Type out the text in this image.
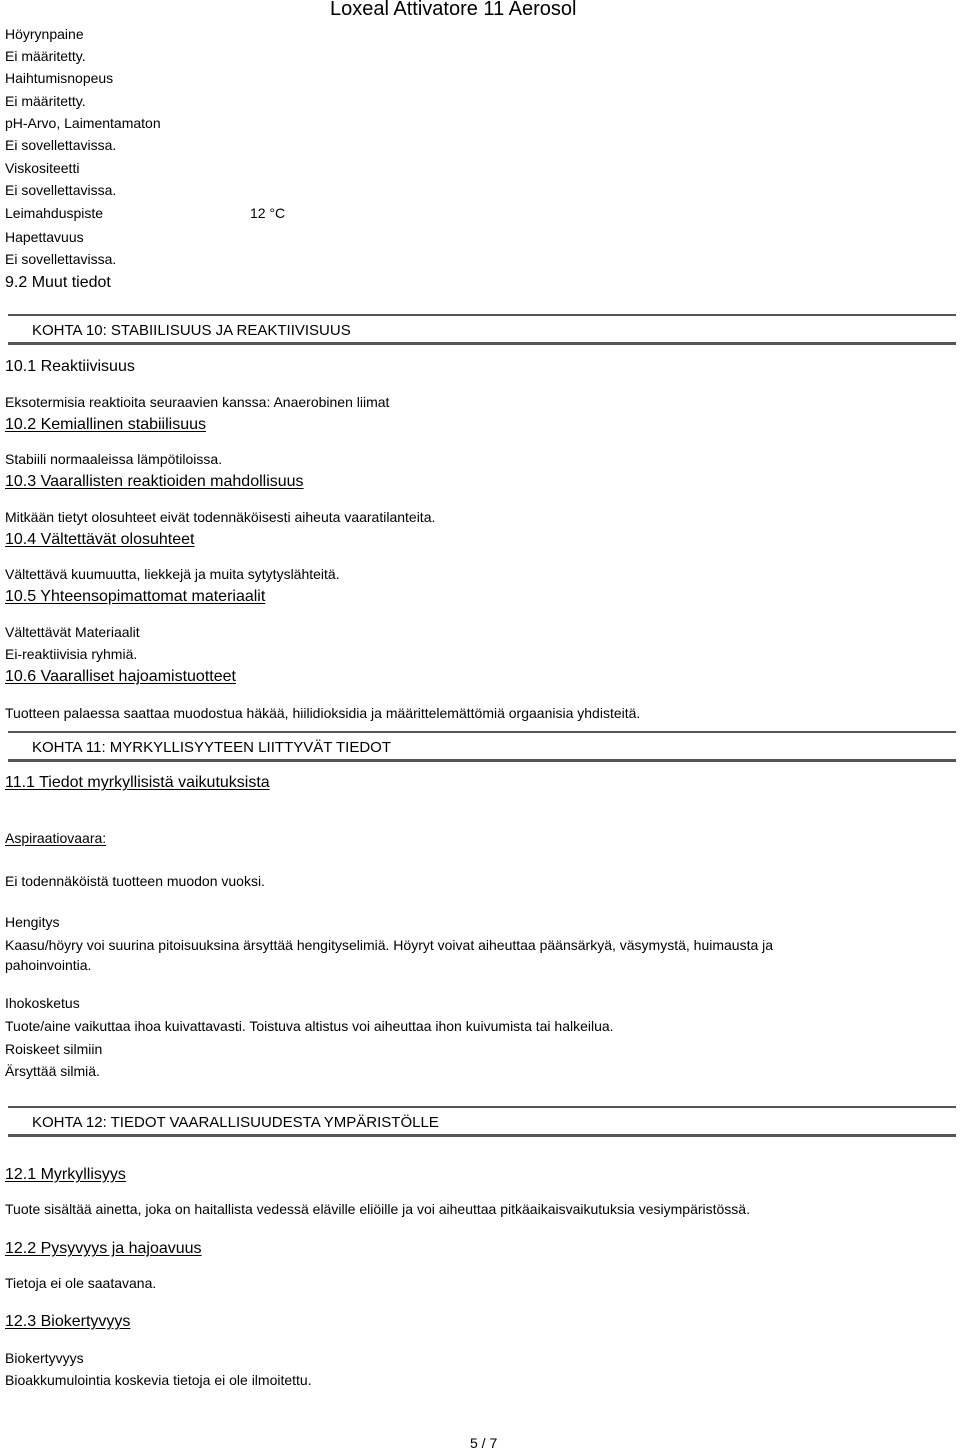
Loxeal Attivatore 11 Aerosol
Höyrynpaine
Ei määritetty.
Haihtumisnopeus
Ei määritetty.
pH-Arvo, Laimentamaton
Ei sovellettavissa.
Viskositeetti
Ei sovellettavissa.
Leimahduspiste	12 °C
Hapettavuus
Ei sovellettavissa.
9.2 Muut tiedot
KOHTA 10: STABIILISUUS JA REAKTIIVISUUS
10.1 Reaktiivisuus
Eksotermisia reaktioita seuraavien kanssa: Anaerobinen liimat
10.2 Kemiallinen stabiilisuus
Stabiili normaaleissa lämpötiloissa.
10.3 Vaarallisten reaktioiden mahdollisuus
Mitkään tietyt olosuhteet eivät todennäköisesti aiheuta vaaratilanteita.
10.4 Vältettävät olosuhteet
Vältettävä kuumuutta, liekkejä ja muita sytytyslähteitä.
10.5 Yhteensopimattomat materiaalit
Vältettävät Materiaalit
Ei-reaktiivisia ryhmiä.
10.6 Vaaralliset hajoamistuotteet
Tuotteen palaessa saattaa muodostua häkää, hiilidioksidia ja määrittelemättömiä orgaanisia yhdisteitä.
KOHTA 11: MYRKYLLISYYTEEN LIITTYVÄT TIEDOT
11.1 Tiedot myrkyllisistä vaikutuksista
Aspiraatiovaara:
Ei todennäköistä tuotteen muodon vuoksi.
Hengitys
Kaasu/höyry voi suurina pitoisuuksina ärsyttää hengityselimiä. Höyryt voivat aiheuttaa päänsärkyä, väsymystä, huimausta ja
pahoinvointia.
Ihokosketus
Tuote/aine vaikuttaa ihoa kuivattavasti. Toistuva altistus voi aiheuttaa ihon kuivumista tai halkeilua.
Roiskeet silmiin
Ärsyttää silmiä.
KOHTA 12: TIEDOT VAARALLISUUDESTA YMPÄRISTÖLLE
12.1 Myrkyllisyys
Tuote sisältää ainetta, joka on haitallista vedessä eläville eliöille ja voi aiheuttaa pitkäaikaisvaikutuksia vesiympäristössä.
12.2 Pysyvyys ja hajoavuus
Tietoja ei ole saatavana.
12.3 Biokertyvyys
Biokertyvyys
Bioakkumulointia koskevia tietoja ei ole ilmoitettu.
5 / 7
